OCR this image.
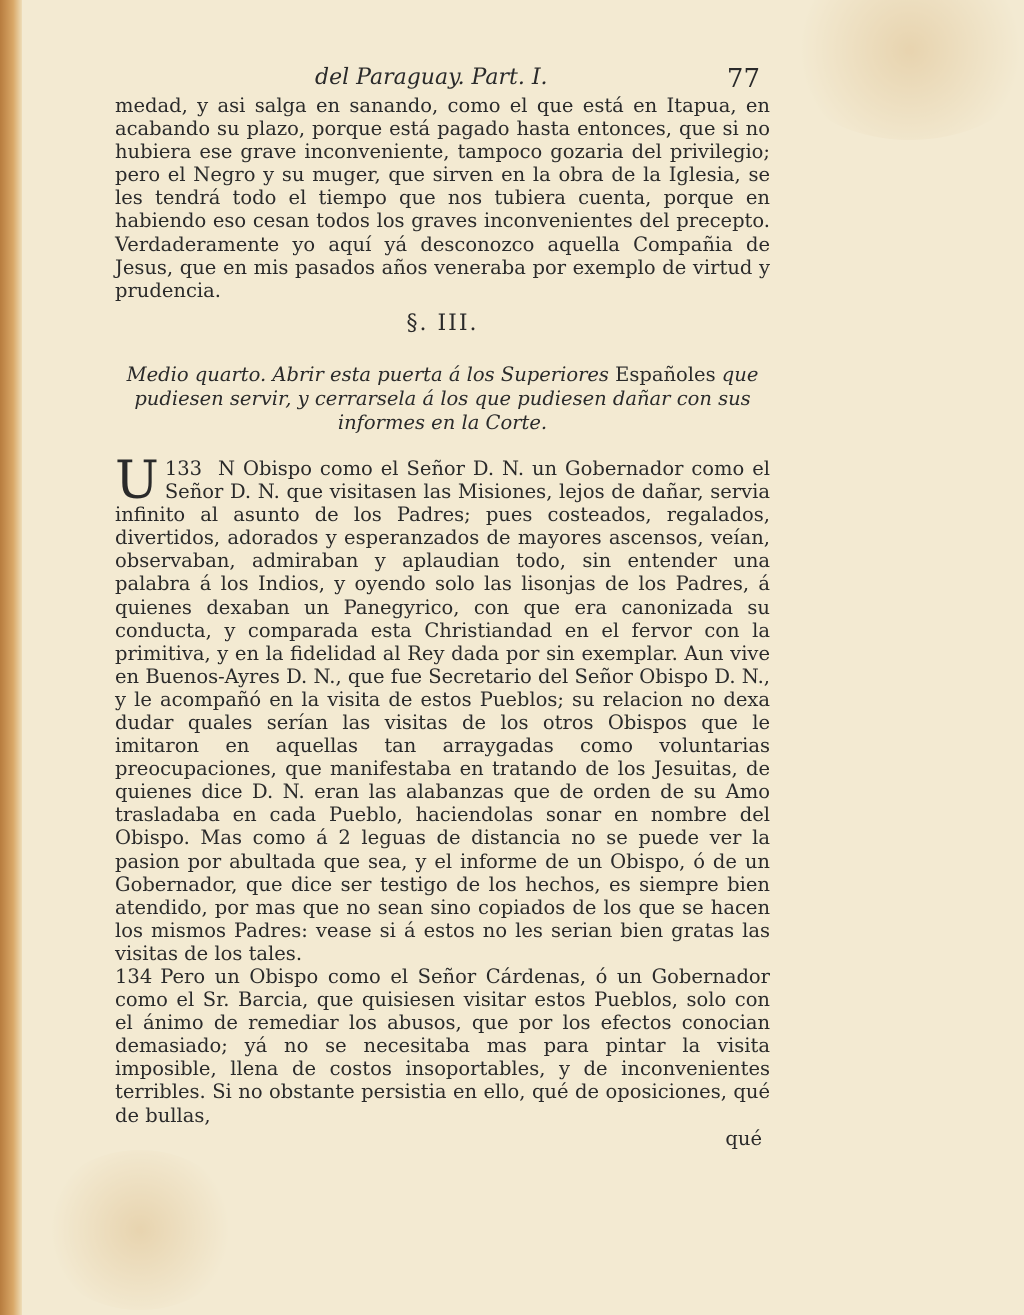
del Paraguay. Part. I.	77

medad, y asi salga en sanando, como el que está en Itapua, en acabando su plazo, porque está pagado hasta entonces, que si no hubiera ese grave inconveniente, tampoco gozaria del privilegio; pero el Negro y su muger, que sirven en la obra de la Iglesia, se les tendrá todo el tiempo que nos tubiera cuenta, porque en habiendo eso cesan todos los graves inconvenientes del precepto. Verdaderamente yo aquí yá desconozco aquella Compañia de Jesus, que en mis pasados años veneraba por exemplo de virtud y prudencia.

§. III.
Medio quarto. Abrir esta puerta á los Superiores Españoles que pudiesen servir, y cerrarsela á los que pudiesen dañar con sus informes en la Corte.

133
U	N Obispo como el Señor D. N. un Gobernador como el Señor D. N. que visitasen las Misiones, lejos de dañar, servia infinito al asunto de los Padres; pues costeados, regalados, divertidos, adorados y esperanzados de mayores ascensos, veían, observaban, admiraban y aplaudian todo, sin entender una palabra á los Indios, y oyendo solo las lisonjas de los Padres, á quienes dexaban un Panegyrico, con que era canonizada su conducta, y comparada esta Christiandad en el fervor con la primitiva, y en la fidelidad al Rey dada por sin exemplar. Aun vive en Buenos-Ayres D. N., que fue Secretario del Señor Obispo D. N., y le acompañó en la visita de estos Pueblos; su relacion no dexa dudar quales serían las visitas de los otros Obispos que le imitaron en aquellas tan arraygadas como voluntarias preocupaciones, que manifestaba en tratando de los Jesuitas, de quienes dice D. N. eran las alabanzas que de orden de su Amo trasladaba en cada Pueblo, haciendolas sonar en nombre del Obispo. Mas como á 2 leguas de distancia no se puede ver la pasion por abultada que sea, y el informe de un Obispo, ó de un Gobernador, que dice ser testigo de los hechos, es siempre bien atendido, por mas que no sean sino copiados de los que se hacen los mismos Padres: vease si á estos no les serian bien gratas las visitas de los tales.

134 Pero un Obispo como el Señor Cárdenas, ó un Gobernador como el Sr. Barcia, que quisiesen visitar estos Pueblos, solo con el ánimo de remediar los abusos, que por los efectos conocian demasiado; yá no se necesitaba mas para pintar la visita imposible, llena de costos insoportables, y de inconvenientes terribles. Si no obstante persistia en ello, qué de oposiciones, qué de bullas,

qué
